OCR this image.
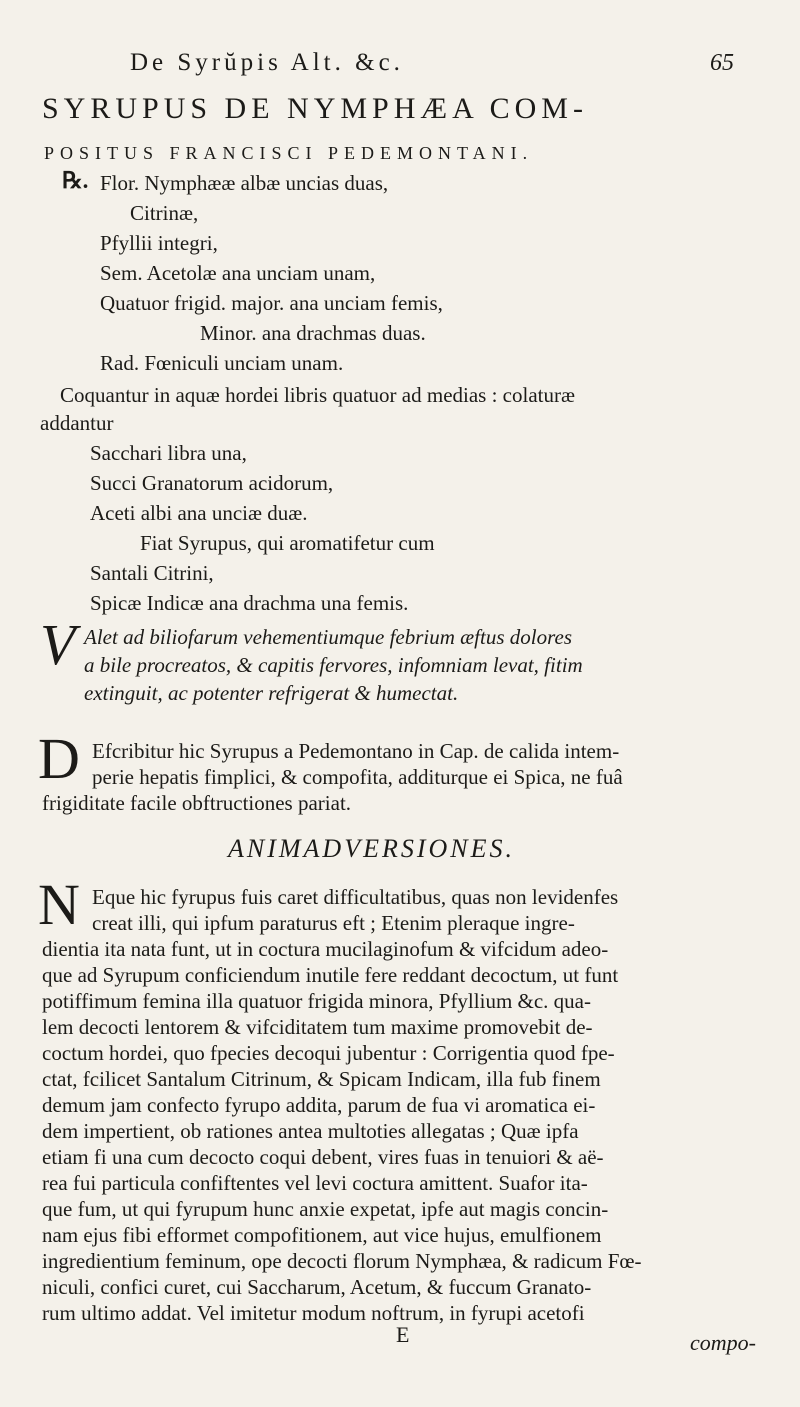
De Syrŭpis Alt. &c.	65
SYRUPUS DE NYMPHÆA COM-
POSITUS FRANCISCI PEDEMONTANI.
℞. Flor. Nymphææ albæ uncias duas,
Citrinæ,
Pfyllii integri,
Sem. Acetolæ ana unciam unam,
Quatuor frigid. major. ana unciam femis,
Minor. ana drachmas duas.
Rad. Fœniculi unciam unam.
Coquantur in aquæ hordei libris quatuor ad medias : colaturæ
addantur
Sacchari libra una,
Succi Granatorum acidorum,
Aceti albi ana unciæ duæ.
Fiat Syrupus, qui aromatifetur cum
Santali Citrini,
Spicæ Indicæ ana drachma una femis.
V Alet ad biliofarum vehementiumque febrium æftus dolores
a bile procreatos, & capitis fervores, infomniam levat, fitim
extinguit, ac potenter refrigerat & humectat.
D Efcribitur hic Syrupus a Pedemontano in Cap. de calida intem-
perie hepatis fimplici, & compofita, additurque ei Spica, ne fuâ
frigiditate facile obftructiones pariat.
ANIMADVERSIONES.
N Eque hic fyrupus fuis caret difficultatibus, quas non levidenfes
creat illi, qui ipfum paraturus eft ; Etenim pleraque ingre-
dientia ita nata funt, ut in coctura mucilaginofum & vifcidum adeo-
que ad Syrupum conficiendum inutile fere reddant decoctum, ut funt
potiffimum femina illa quatuor frigida minora, Pfyllium &c. qua-
lem decocti lentorem & vifciditatem tum maxime promovebit de-
coctum hordei, quo fpecies decoqui jubentur : Corrigentia quod fpe-
ctat, fcilicet Santalum Citrinum, & Spicam Indicam, illa fub finem
demum jam confecto fyrupo addita, parum de fua vi aromatica ei-
dem impertient, ob rationes antea multoties allegatas ; Quæ ipfa
etiam fi una cum decocto coqui debent, vires fuas in tenuiori & aë-
rea fui particula confiftentes vel levi coctura amittent. Suafor ita-
que fum, ut qui fyrupum hunc anxie expetat, ipfe aut magis concin-
nam ejus fibi efformet compofitionem, aut vice hujus, emulfionem
ingredientium feminum, ope decocti florum Nymphæa, & radicum Fœ-
niculi, confici curet, cui Saccharum, Acetum, & fuccum Granato-
rum ultimo addat. Vel imitetur modum noftrum, in fyrupi acetofi
E	compo-
